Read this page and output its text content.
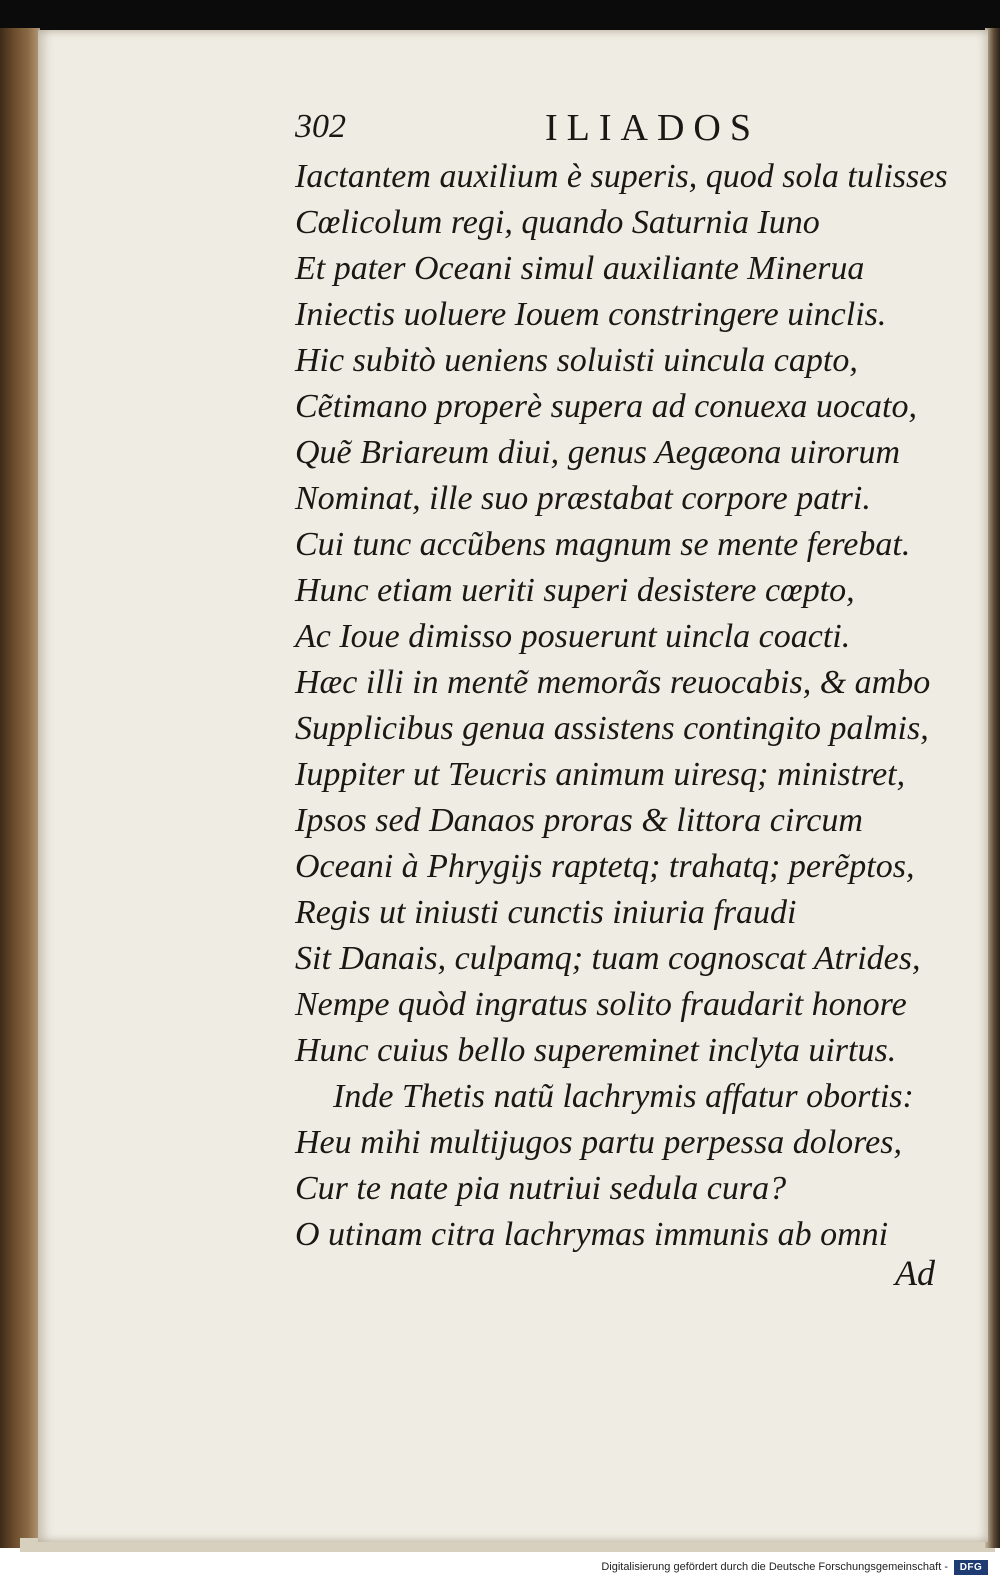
302	ILIADOS
Iactantem auxilium è superis, quod sola tulisses
Cœlicolum regi, quando Saturnia Iuno
Et pater Oceani simul auxiliante Minerua
Iniectis uoluere Iouem constringere uinclis.
Hic subitò ueniens soluisti uincula capto,
Cẽtimano properè supera ad conuexa uocato,
Quẽ Briareum diui, genus Aegæona uirorum
Nominat, ille suo præstabat corpore patri.
Cui tunc accũbens magnum se mente ferebat.
Hunc etiam ueriti superi desistere cœpto,
Ac Ioue dimisso posuerunt uincla coacti.
Hæc illi in mentẽ memorãs reuocabis, & ambo
Supplicibus genua assistens contingito palmis,
Iuppiter ut Teucris animum uiresq; ministret,
Ipsos sed Danaos proras & littora circum
Oceani à Phrygijs raptetq; trahatq; perẽptos,
Regis ut iniusti cunctis iniuria fraudi
Sit Danais, culpamq; tuam cognoscat Atrides,
Nempe quòd ingratus solito fraudarit honore
Hunc cuius bello supereminet inclyta uirtus.
Inde Thetis natũ lachrymis affatur obortis:
Heu mihi multijugos partu perpessa dolores,
Cur te nate pia nutriui sedula cura?
O utinam citra lachrymas immunis ab omni
Ad
Digitalisierung gefördert durch die Deutsche Forschungsgemeinschaft -	DFG
